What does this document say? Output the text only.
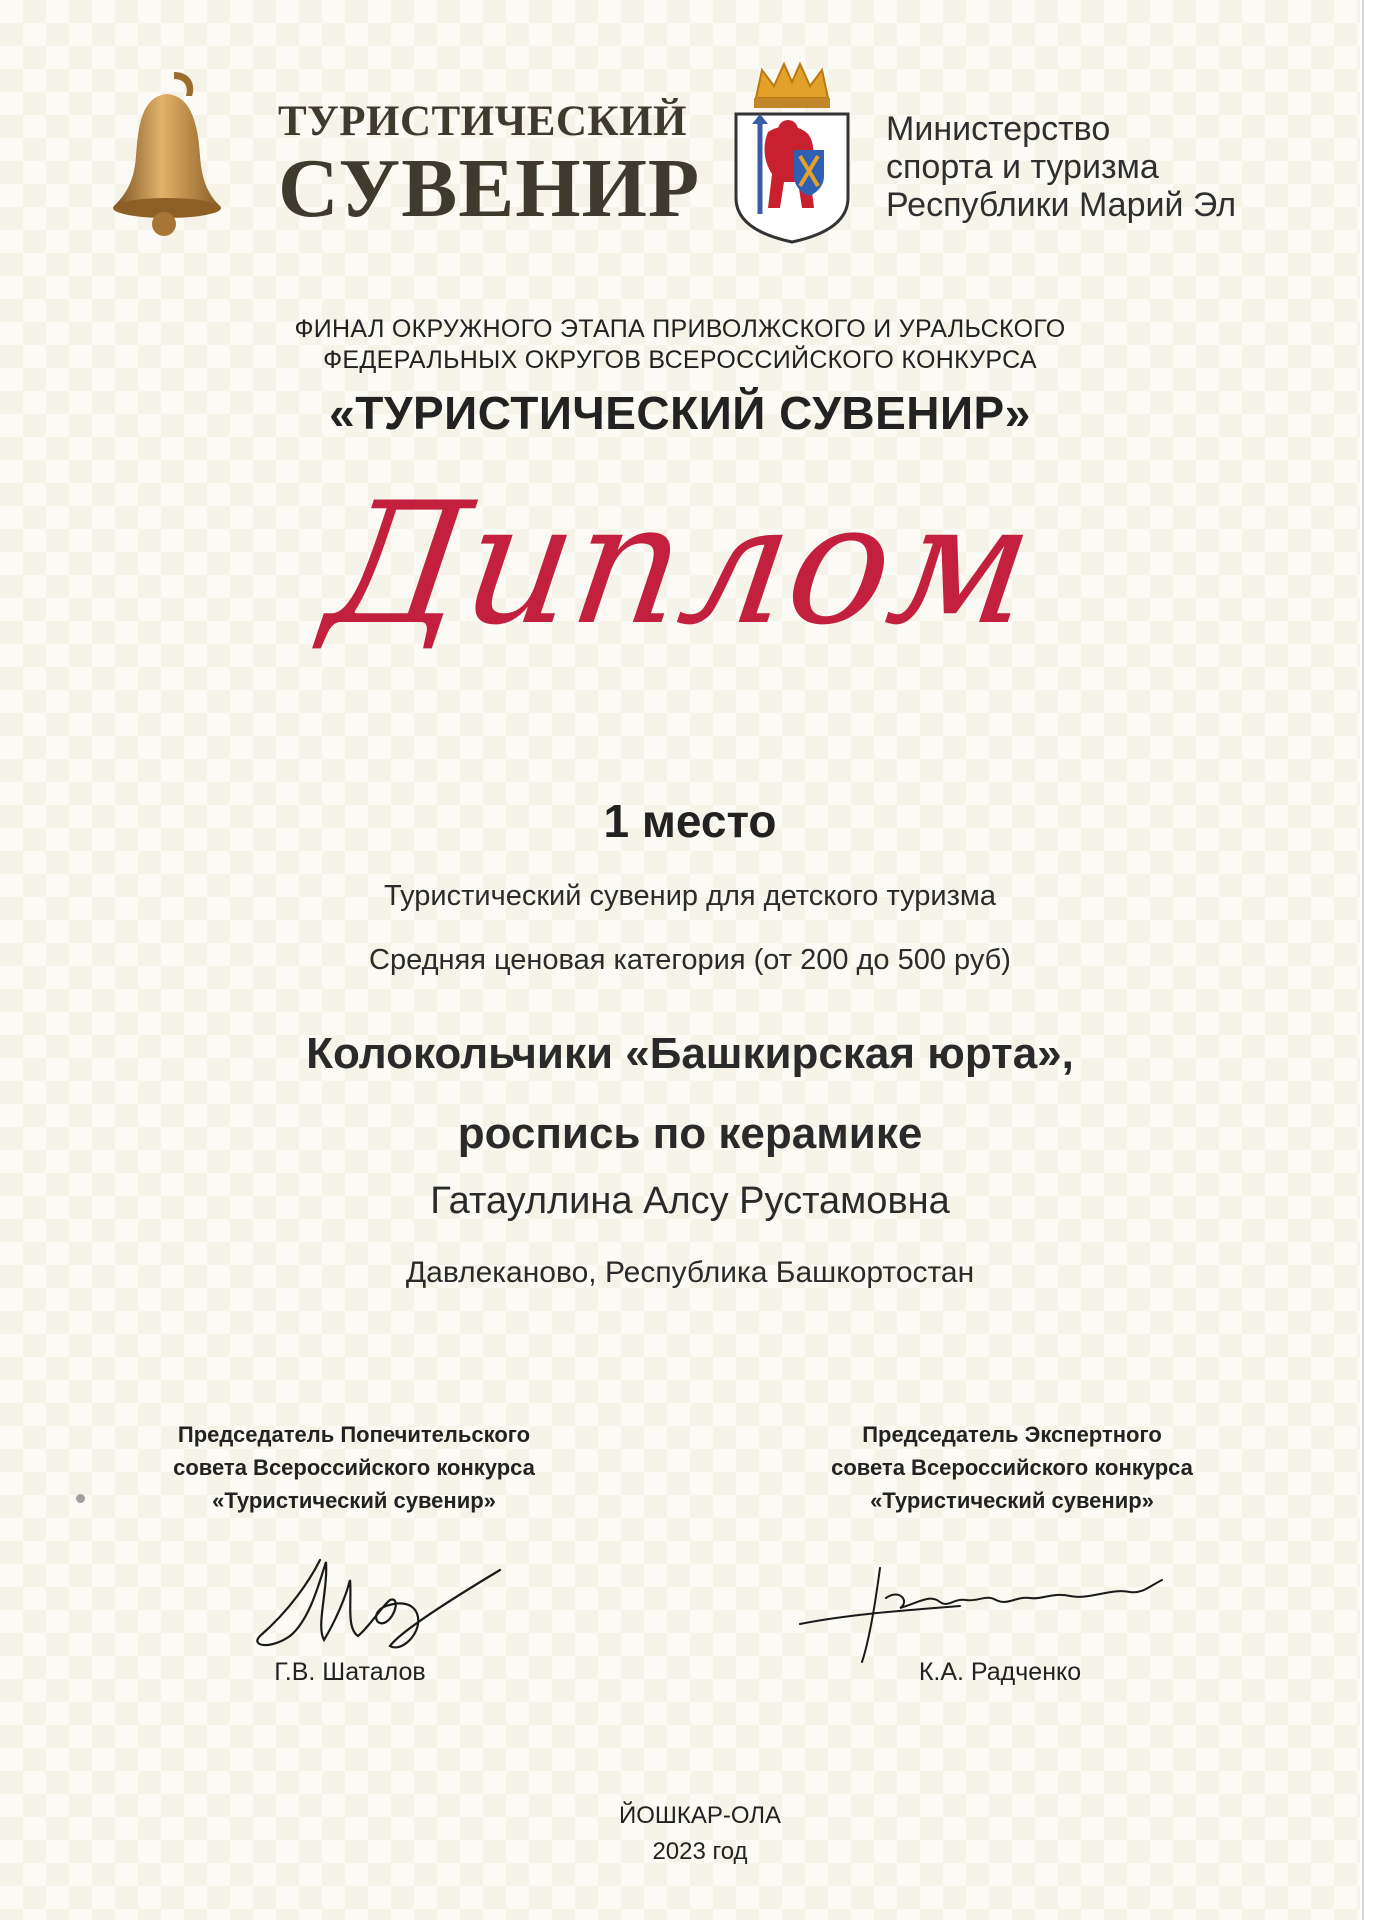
ТУРИСТИЧЕСКИЙ
СУВЕНИР
Министерство
спорта и туризма
Республики Марий Эл
ФИНАЛ ОКРУЖНОГО ЭТАПА ПРИВОЛЖСКОГО И УРАЛЬСКОГО
ФЕДЕРАЛЬНЫХ ОКРУГОВ ВСЕРОССИЙСКОГО КОНКУРСА
«ТУРИСТИЧЕСКИЙ СУВЕНИР»
Диплом
1 место
Туристический сувенир для детского туризма
Средняя ценовая категория (от 200 до 500 руб)
Колокольчики «Башкирская юрта»,
роспись по керамике
Гатауллина Алсу Рустамовна
Давлеканово, Республика Башкортостан
Председатель Попечительского
совета Всероссийского конкурса
«Туристический сувенир»
Председатель Экспертного
совета Всероссийского конкурса
«Туристический сувенир»
Г.В. Шаталов	К.А. Радченко
ЙОШКАР-ОЛА
2023 год
